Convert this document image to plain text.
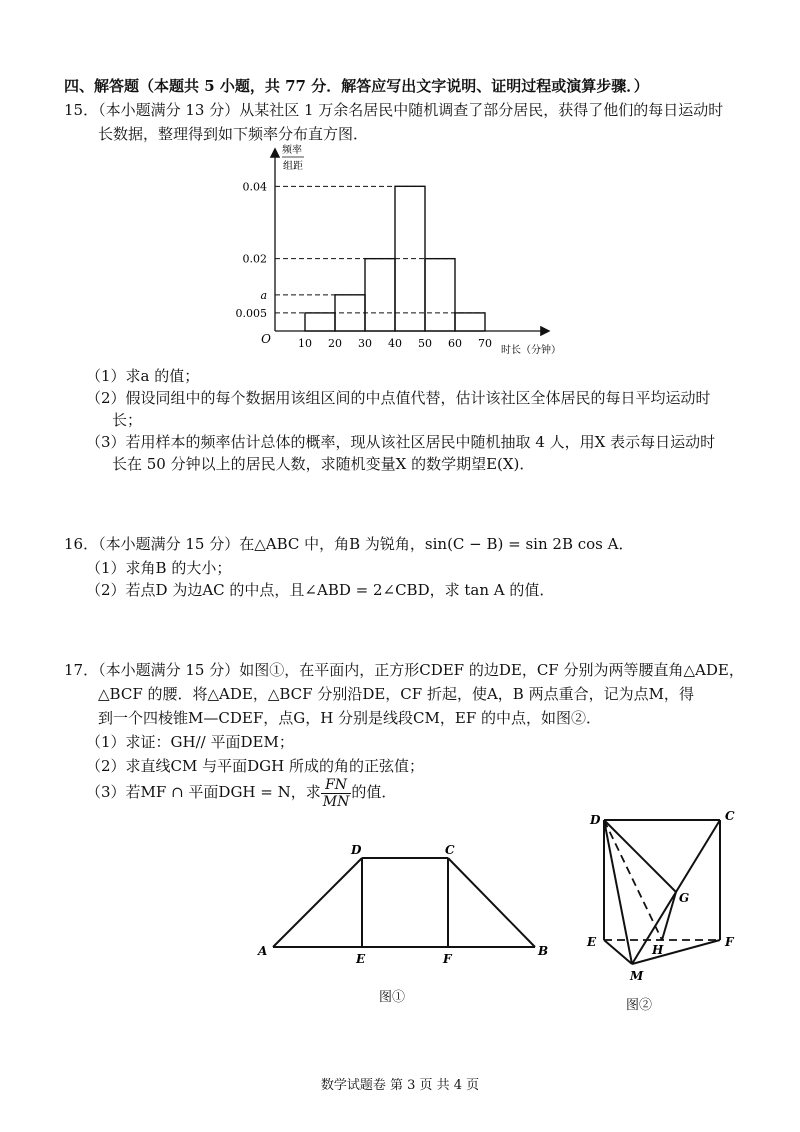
四、解答题（本题共 5 小题，共 77 分．解答应写出文字说明、证明过程或演算步骤．）
15．（本小题满分 13 分）从某社区 1 万余名居民中随机调查了部分居民，获得了他们的每日运动时
长数据，整理得到如下频率分布直方图．
频率
组距
O
时长（分钟）
0.04
0.02
a
0.005
10 20 30 40 50 60 70
（1）求a 的值；
（2）假设同组中的每个数据用该组区间的中点值代替，估计该社区全体居民的每日平均运动时
长；
（3）若用样本的频率估计总体的概率，现从该社区居民中随机抽取 4 人，用X 表示每日运动时
长在 50 分钟以上的居民人数，求随机变量X 的数学期望E(X)．
16．（本小题满分 15 分）在△ABC 中，角B 为锐角，sin(C − B) = sin 2B cos A．
（1）求角B 的大小；
（2）若点D 为边AC 的中点，且∠ABD = 2∠CBD，求 tan A 的值．
17．（本小题满分 15 分）如图①，在平面内，正方形CDEF 的边DE，CF 分别为两等腰直角△ADE，
△BCF 的腰．将△ADE，△BCF 分别沿DE，CF 折起，使A，B 两点重合，记为点M，得
到一个四棱锥M—CDEF，点G，H 分别是线段CM，EF 的中点，如图②．
（1）求证：GH// 平面DEM；
（2）求直线CM 与平面DGH 所成的角的正弦值；
（3）若MF ∩ 平面DGH = N，求 $\frac{FN}{MN}$ 的值．
A
D	C
E	F
B
图①
D	C
G
E
H
F
M
图②
数学试题卷 第 3 页 共 4 页
